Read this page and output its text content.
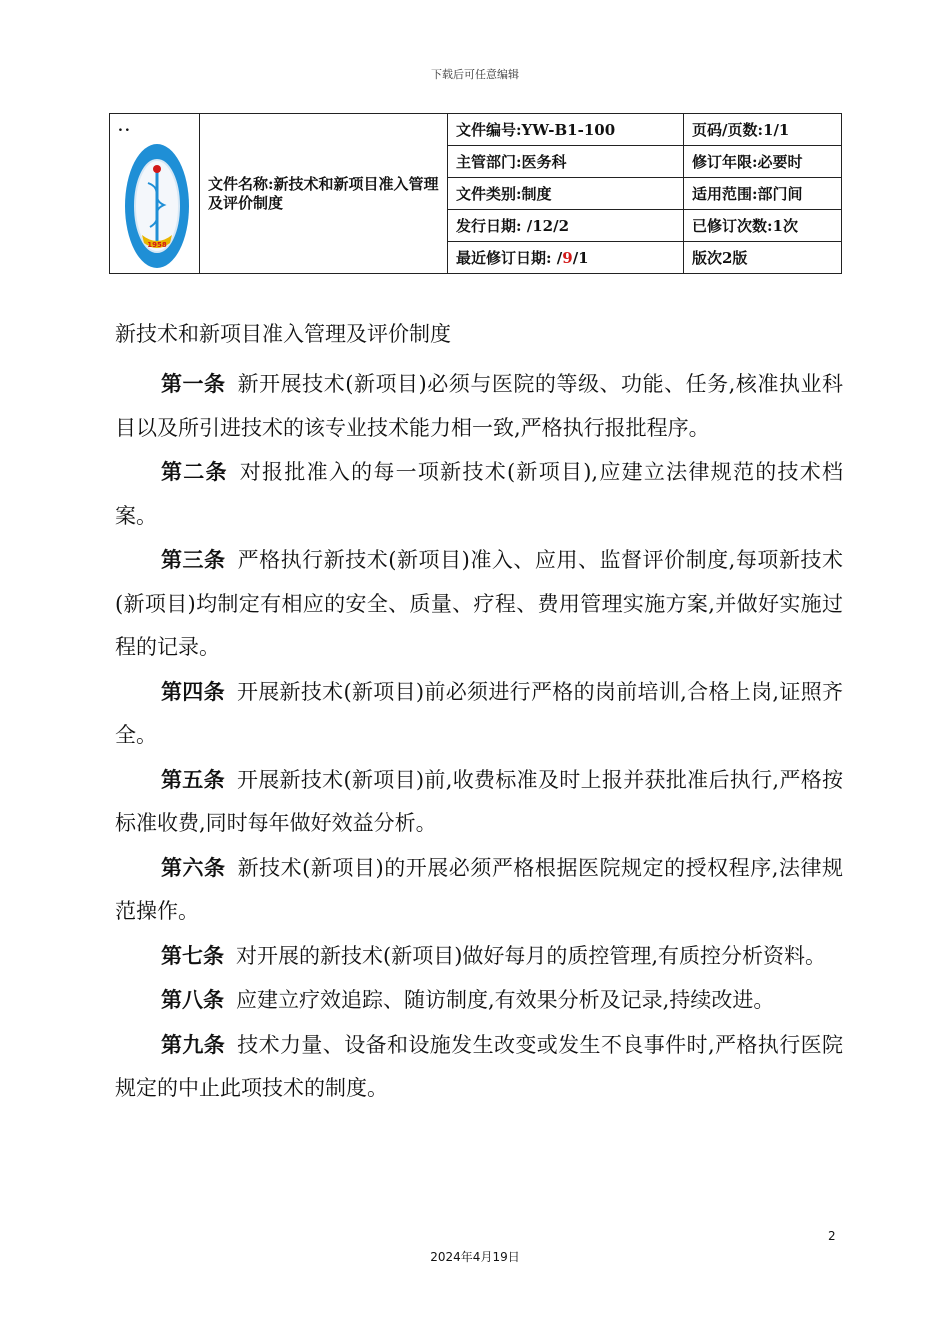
下载后可任意编辑
..
1958	文件名称:新技术和新项目准入管理及评价制度	文件编号:YW-B1-100	页码/页数:1/1
		主管部门:医务科	修订年限:必要时
		文件类别:制度	适用范围:部门间
		发行日期: /12/2	已修订次数:1次
		最近修订日期: /9/1	版次2版
新技术和新项目准入管理及评价制度

第一条 新开展技术(新项目)必须与医院的等级、功能、任务,核准执业科目以及所引进技术的该专业技术能力相一致,严格执行报批程序。

第二条 对报批准入的每一项新技术(新项目),应建立法律规范的技术档案。

第三条 严格执行新技术(新项目)准入、应用、监督评价制度,每项新技术(新项目)均制定有相应的安全、质量、疗程、费用管理实施方案,并做好实施过程的记录。

第四条 开展新技术(新项目)前必须进行严格的岗前培训,合格上岗,证照齐全。

第五条 开展新技术(新项目)前,收费标准及时上报并获批准后执行,严格按标准收费,同时每年做好效益分析。

第六条 新技术(新项目)的开展必须严格根据医院规定的授权程序,法律规范操作。

第七条 对开展的新技术(新项目)做好每月的质控管理,有质控分析资料。

第八条 应建立疗效追踪、随访制度,有效果分析及记录,持续改进。

第九条 技术力量、设备和设施发生改变或发生不良事件时,严格执行医院规定的中止此项技术的制度。

2
2024年4月19日
